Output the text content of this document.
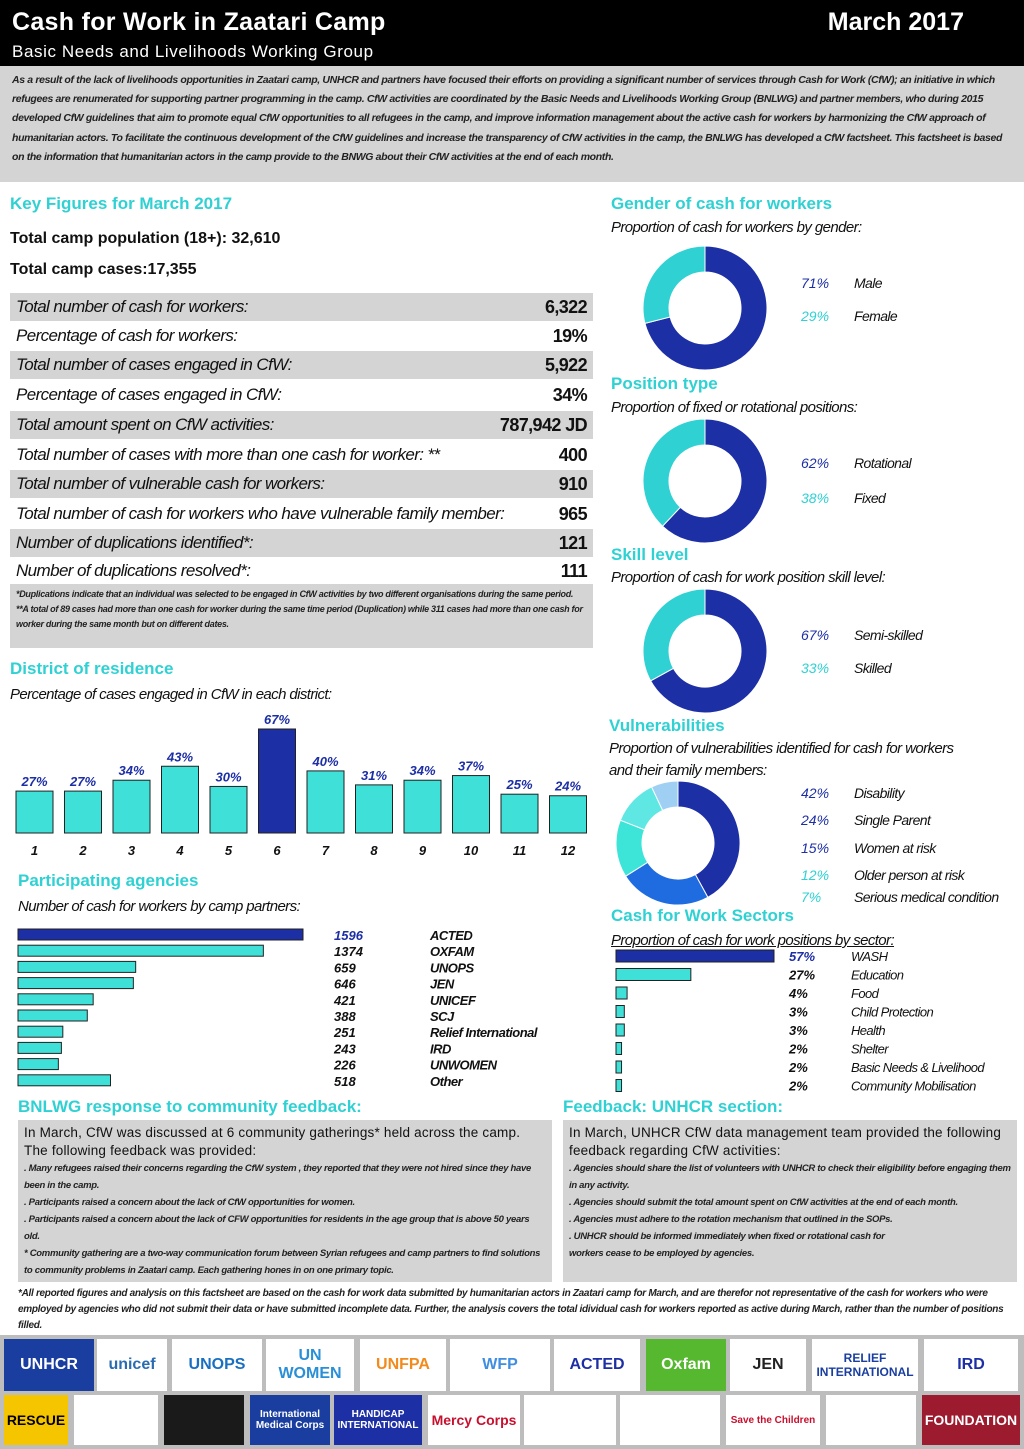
Cash for Work in Zaatari Camp	March 2017
Basic Needs and Livelihoods Working Group
As a result of the lack of livelihoods opportunities in Zaatari camp, UNHCR and partners have focused their efforts on providing a significant number of services through Cash for Work (CfW); an initiative in which refugees are renumerated for supporting partner programming in the camp. CfW activities are coordinated by the Basic Needs and Livelihoods Working Group (BNLWG) and partner members, who during 2015 developed CfW guidelines that aim to promote equal CfW opportunities to all refugees in the camp, and improve information management about the active cash for workers by harmonizing the CfW approach of humanitarian actors. To facilitate the continuous development of the CfW guidelines and increase the transparency of CfW activities in the camp, the BNLWG has developed a CfW factsheet. This factsheet is based on the information that humanitarian actors in the camp provide to the BNWG about their CfW activities at the end of each month.
Key Figures for March 2017
Total camp population (18+): 32,610
Total camp cases:17,355
Total number of cash for workers:	6,322
Percentage of cash for workers:	19%
Total number of cases engaged in CfW:	5,922
Percentage of cases engaged in CfW:	34%
Total amount spent on CfW activities:	787,942 JD
Total number of cases with more than one cash for worker: **	400
Total number of vulnerable cash for workers:	910
Total number of cash for workers who have vulnerable family member:	965
Number of duplications identified*:	121
Number of duplications resolved*:	111
*Duplications indicate that an individual was selected to be engaged in CfW activities by two different organisations during the same period.
**A total of 89 cases had more than one cash for worker during the same time period (Duplication) while 311 cases had more than one cash for worker during the same month but on different dates.
District of residence
Percentage of cases engaged in CfW in each district:
27%
1
27%
2
34%
3
43%
4
30%
5
67%
6
40%
7
31%
8
34%
9
37%
10
25%
11
24%
12
Participating agencies
Number of cash for workers by camp partners:
1596	ACTED
1374	OXFAM
659	UNOPS
646	JEN
421	UNICEF
388	SCJ
251	Relief International
243	IRD
226	UNWOMEN
518	Other
Gender of cash for workers
Proportion of cash for workers by gender:
71% Male
29% Female
Position type
Proportion of fixed or rotational positions:
62% Rotational
38% Fixed
Skill level
Proportion of cash for work position skill level:
67% Semi-skilled
33% Skilled
Vulnerabilities
Proportion of vulnerabilities identified for cash for workers
and their family members:
42% Disability
24% Single Parent
15% Women at risk
12% Older person at risk
7% Serious medical condition
Cash for Work Sectors
Proportion of cash for work positions by sector:
57%	WASH
27%	Education
4%	Food
3%	Child Protection
3%	Health
2%	Shelter
2%	Basic Needs & Livelihood
2%	Community Mobilisation
BNLWG response to community feedback:
In March, CfW was discussed at 6 community gatherings* held across the camp. The following feedback was provided:
. Many refugees raised their concerns regarding the CfW system , they reported that they were not hired since they have been in the camp.
. Participants raised a concern about the lack of CfW opportunities for women.
. Participants raised a concern about the lack of CFW opportunities for residents in the age group that is above 50 years old.
* Community gathering are a two-way communication forum between Syrian refugees and camp partners to find solutions to community problems in Zaatari camp. Each gathering hones in on one primary topic.
Feedback: UNHCR section:
In March, UNHCR CfW data management team provided the following feedback regarding CfW activities:
. Agencies should share the list of volunteers with UNHCR to check their eligibility before engaging them in any activity.
. Agencies should submit the total amount spent on CfW activities at the end of each month.
. Agencies must adhere to the rotation mechanism that outlined in the SOPs.
. UNHCR should be informed immediately when fixed or rotational cash for
workers cease to be employed by agencies.
*All reported figures and analysis on this factsheet are based on the cash for work data submitted by humanitarian actors in Zaatari camp for March, and are therefor not representative of the cash for workers who were employed by agencies who did not submit their data or have submitted incomplete data. Further, the analysis covers the total idividual cash for workers reported as active during March, rather than the number of positions filled.
UNHCR	unicef	UNOPS
UN WOMEN
UNFPA	WFP	ACTED	Oxfam	JEN	RELIEF INTERNATIONAL	IRD
RESCUE	International Medical Corps
HANDICAP INTERNATIONAL Mercy Corps	Save the Children	FOUNDATION
